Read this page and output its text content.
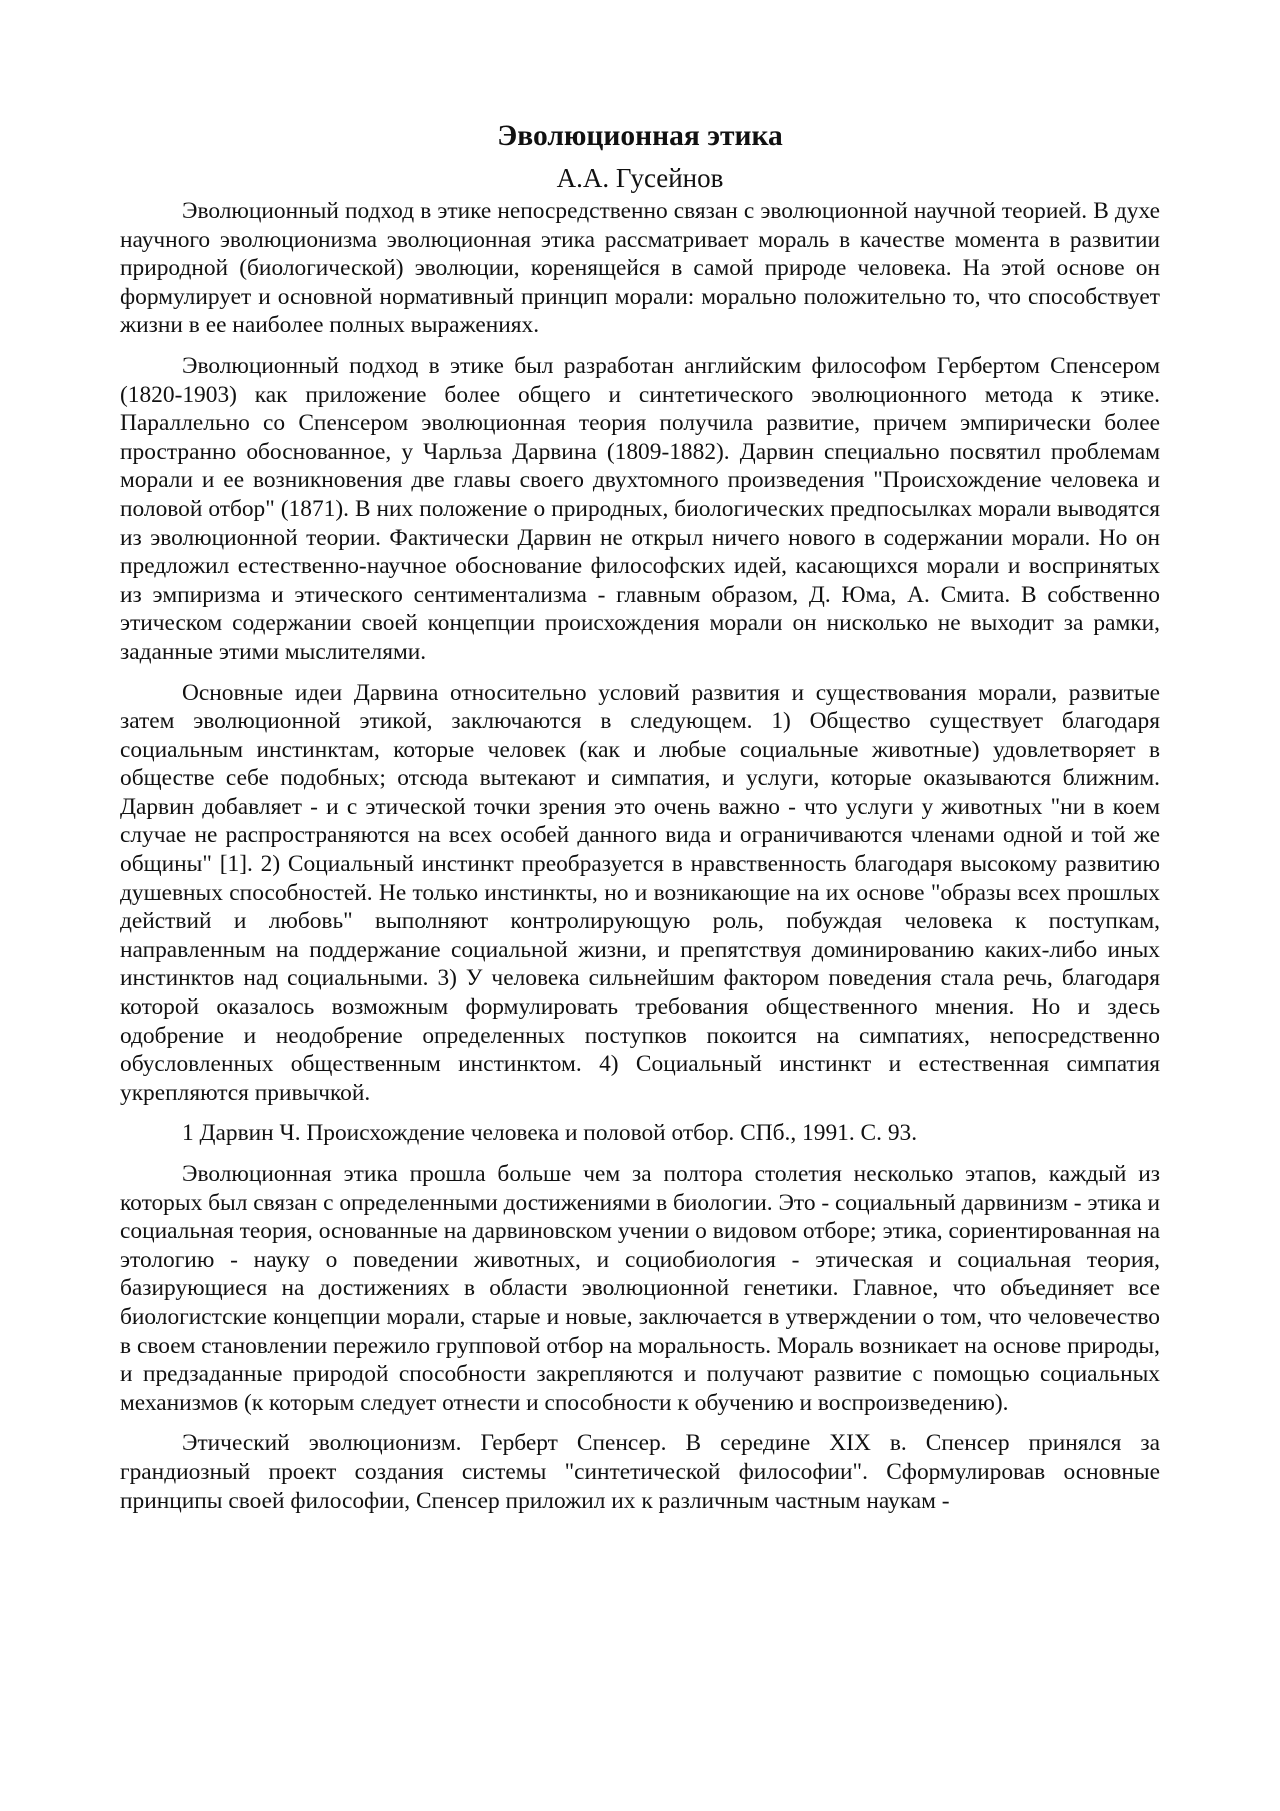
Эволюционная этика
А.А. Гусейнов

Эволюционный подход в этике непосредственно связан с эволюционной научной теорией. В духе научного эволюционизма эволюционная этика рассматривает мораль в качестве момента в развитии природной (биологической) эволюции, коренящейся в самой природе человека. На этой основе он формулирует и основной нормативный принцип морали: морально положительно то, что способствует жизни в ее наиболее полных выражениях.

Эволюционный подход в этике был разработан английским философом Гербертом Спенсером (1820-1903) как приложение более общего и синтетического эволюционного метода к этике. Параллельно со Спенсером эволюционная теория получила развитие, причем эмпирически более пространно обоснованное, у Чарльза Дарвина (1809-1882). Дарвин специально посвятил проблемам морали и ее возникновения две главы своего двухтомного произведения "Происхождение человека и половой отбор" (1871). В них положение о природных, биологических предпосылках морали выводятся из эволюционной теории. Фактически Дарвин не открыл ничего нового в содержании морали. Но он предложил естественно-научное обоснование философских идей, касающихся морали и воспринятых из эмпиризма и этического сентиментализма - главным образом, Д. Юма, А. Смита. В собственно этическом содержании своей концепции происхождения морали он нисколько не выходит за рамки, заданные этими мыслителями.

Основные идеи Дарвина относительно условий развития и существования морали, развитые затем эволюционной этикой, заключаются в следующем. 1) Общество существует благодаря социальным инстинктам, которые человек (как и любые социальные животные) удовлетворяет в обществе себе подобных; отсюда вытекают и симпатия, и услуги, которые оказываются ближним. Дарвин добавляет - и с этической точки зрения это очень важно - что услуги у животных "ни в коем случае не распространяются на всех особей данного вида и ограничиваются членами одной и той же общины" [1]. 2) Социальный инстинкт преобразуется в нравственность благодаря высокому развитию душевных способностей. Не только инстинкты, но и возникающие на их основе "образы всех прошлых действий и любовь" выполняют контролирующую роль, побуждая человека к поступкам, направленным на поддержание социальной жизни, и препятствуя доминированию каких-либо иных инстинктов над социальными. 3) У человека сильнейшим фактором поведения стала речь, благодаря которой оказалось возможным формулировать требования общественного мнения. Но и здесь одобрение и неодобрение определенных поступков покоится на симпатиях, непосредственно обусловленных общественным инстинктом. 4) Социальный инстинкт и естественная симпатия укрепляются привычкой.

1 Дарвин Ч. Происхождение человека и половой отбор. СПб., 1991. С. 93.

Эволюционная этика прошла больше чем за полтора столетия несколько этапов, каждый из которых был связан с определенными достижениями в биологии. Это - социальный дарвинизм - этика и социальная теория, основанные на дарвиновском учении о видовом отборе; этика, сориентированная на этологию - науку о поведении животных, и социобиология - этическая и социальная теория, базирующиеся на достижениях в области эволюционной генетики. Главное, что объединяет все биологистские концепции морали, старые и новые, заключается в утверждении о том, что человечество в своем становлении пережило групповой отбор на моральность. Мораль возникает на основе природы, и предзаданные природой способности закрепляются и получают развитие с помощью социальных механизмов (к которым следует отнести и способности к обучению и воспроизведению).

Этический эволюционизм. Герберт Спенсер. В середине XIX в. Спенсер принялся за грандиозный проект создания системы "синтетической философии". Сформулировав основные принципы своей философии, Спенсер приложил их к различным частным наукам -
